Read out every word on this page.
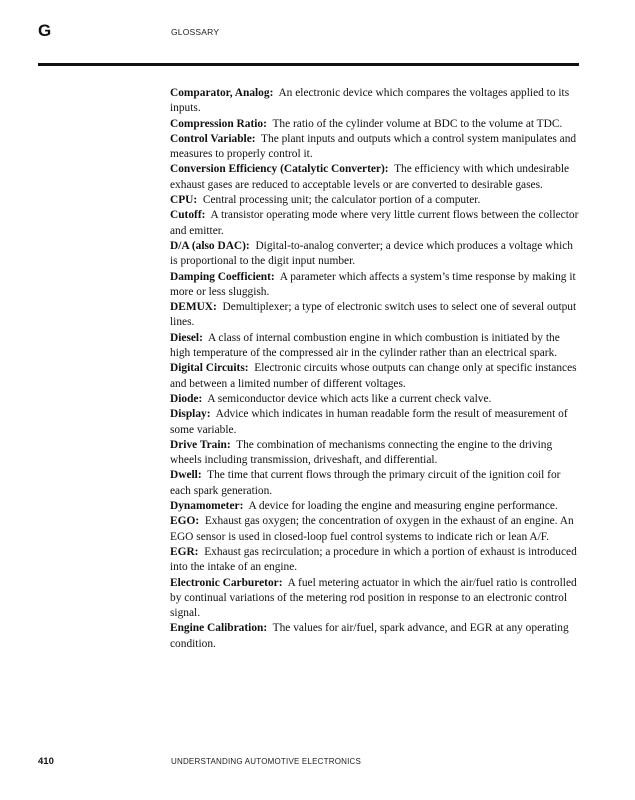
G	GLOSSARY

Comparator, Analog: An electronic device which compares the voltages applied to its inputs.

Compression Ratio: The ratio of the cylinder volume at BDC to the volume at TDC.

Control Variable: The plant inputs and outputs which a control system manipulates and measures to properly control it.

Conversion Efficiency (Catalytic Converter): The efficiency with which undesirable exhaust gases are reduced to acceptable levels or are converted to desirable gases.

CPU: Central processing unit; the calculator portion of a computer.

Cutoff: A transistor operating mode where very little current flows between the collector and emitter.

D/A (also DAC): Digital-to-analog converter; a device which produces a voltage which is proportional to the digit input number.

Damping Coefficient: A parameter which affects a system’s time response by making it more or less sluggish.

DEMUX: Demultiplexer; a type of electronic switch uses to select one of several output lines.

Diesel: A class of internal combustion engine in which combustion is initiated by the high temperature of the compressed air in the cylinder rather than an electrical spark.

Digital Circuits: Electronic circuits whose outputs can change only at specific instances and between a limited number of different voltages.

Diode: A semiconductor device which acts like a current check valve.

Display: Advice which indicates in human readable form the result of measurement of some variable.

Drive Train: The combination of mechanisms connecting the engine to the driving wheels including transmission, driveshaft, and differential.

Dwell: The time that current flows through the primary circuit of the ignition coil for each spark generation.

Dynamometer: A device for loading the engine and measuring engine performance.

EGO: Exhaust gas oxygen; the concentration of oxygen in the exhaust of an engine. An EGO sensor is used in closed-loop fuel control systems to indicate rich or lean A/F.

EGR: Exhaust gas recirculation; a procedure in which a portion of exhaust is introduced into the intake of an engine.

Electronic Carburetor: A fuel metering actuator in which the air/fuel ratio is controlled by continual variations of the metering rod position in response to an electronic control signal.

Engine Calibration: The values for air/fuel, spark advance, and EGR at any operating condition.

410	UNDERSTANDING AUTOMOTIVE ELECTRONICS
